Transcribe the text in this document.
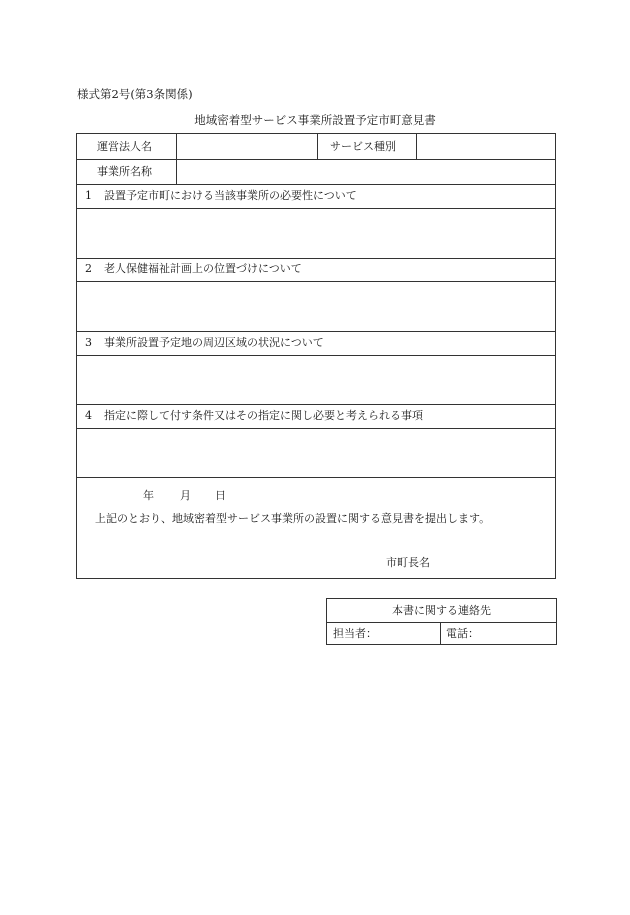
様式第2号(第3条関係)
地域密着型サービス事業所設置予定市町意見書
運営法人名	サービス種別
事業所名称
1 設置予定市町における当該事業所の必要性について
2 老人保健福祉計画上の位置づけについて
3 事業所設置予定地の周辺区域の状況について
4 指定に際して付す条件又はその指定に関し必要と考えられる事項
年 月 日
上記のとおり、地域密着型サービス事業所の設置に関する意見書を提出します。
市町長名
本書に関する連絡先
担当者：	電話：
